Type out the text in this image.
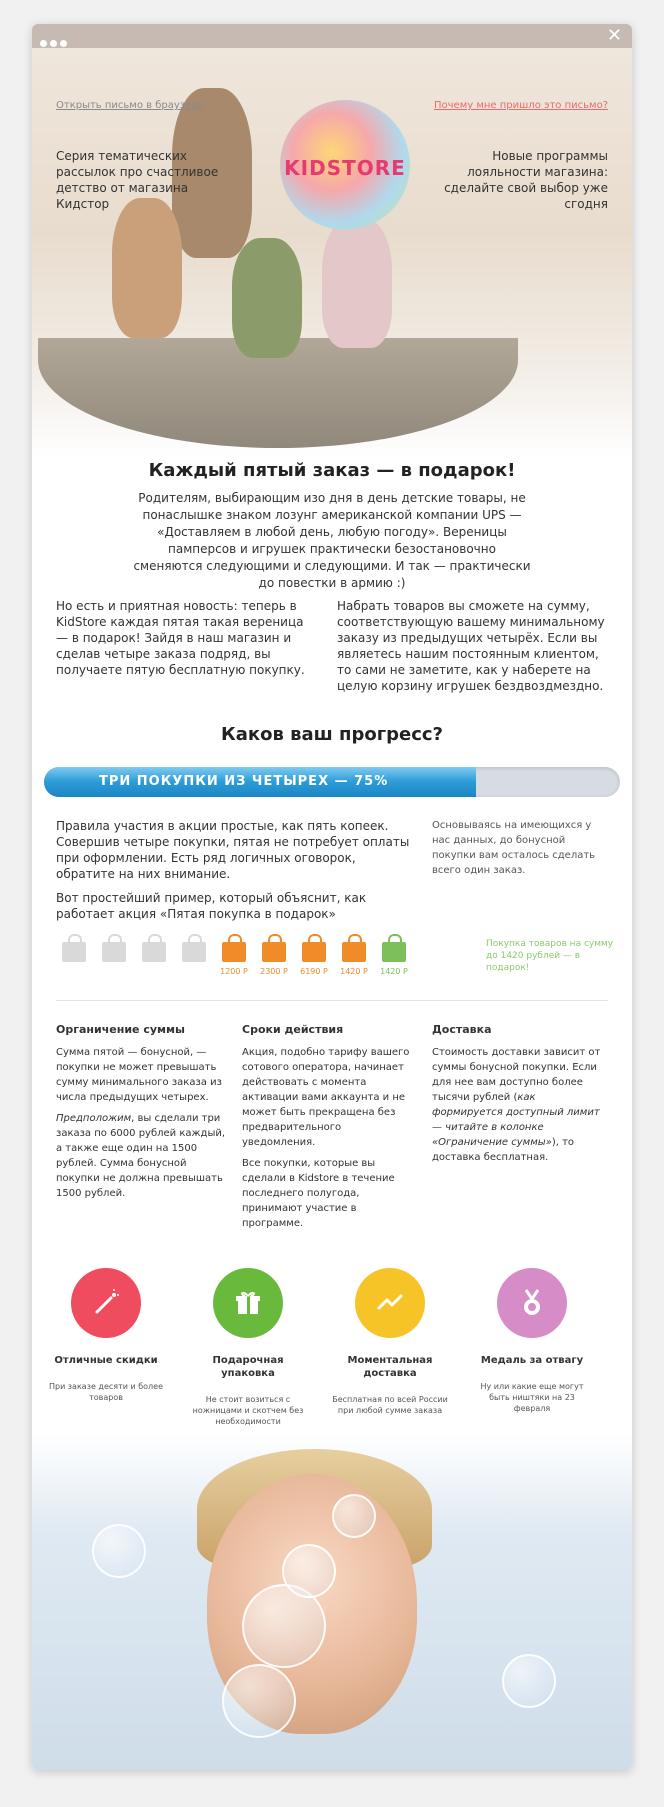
✕
KIDSTORE
Открыть письмо в браузере	Почему мне пришло это письмо?
Серия тематических рассылок про счастливое детство от магазина Кидстор
Новые программы лояльности магазина: сделайте свой выбор уже сгодня
Каждый пятый заказ — в подарок!
Родителям, выбирающим изо дня в день детские товары, не понаслышке знаком лозунг американской компании UPS — «Доставляем в любой день, любую погоду». Вереницы памперсов и игрушек практически безостановочно сменяются следующими и следующими. И так — практически до повестки в армию :)
Но есть и приятная новость: теперь в KidStore каждая пятая такая вереница — в подарок! Зайдя в наш магазин и сделав четыре заказа подряд, вы получаете пятую бесплатную покупку.
Набрать товаров вы сможете на сумму, соответствующую вашему минимальному заказу из предыдущих четырёх. Если вы являетесь нашим постоянным клиентом, то сами не заметите, как у наберете на целую корзину игрушек бездвоздмездно.
Каков ваш прогресс?
ТРИ ПОКУПКИ ИЗ ЧЕТЫРЕХ — 75%

Правила участия в акции простые, как пять копеек. Совершив четыре покупки, пятая не потребует оплаты при оформлении. Есть ряд логичных оговорок, обратите на них внимание.

Вот простейший пример, который объяснит, как работает акция «Пятая покупка в подарок»

Основываясь на имеющихся у нас данных, до бонусной покупки вам осталось сделать всего один заказ.
Покупка товаров на сумму до 1420 рублей — в подарок!
1200 Р	2300 Р	6190 Р	1420 Р	1420 Р
Органичение суммы

Сумма пятой — бонусной, — покупки не может превышать сумму минимального заказа из числа предыдущих четырех.

Предположим, вы сделали три заказа по 6000 рублей каждый, а также еще один на 1500 рублей. Сумма бонусной покупки не должна превышать 1500 рублей.

Сроки действия

Акция, подобно тарифу вашего сотового оператора, начинает действовать с момента активации вами аккаунта и не может быть прекращена без предварительного уведомления.

Все покупки, которые вы сделали в Kidstore в течение последнего полугода, принимают участие в программе.

Доставка

Стоимость доставки зависит от суммы бонусной покупки. Если для нее вам доступно более тысячи рублей (как формируется доступный лимит — читайте в колонке «Ограничение суммы»), то доставка бесплатная.

Отличные скидки
При заказе десяти и более товаров
Подарочная упаковка
Не стоит возиться с ножницами и скотчем без необходимости
Моментальная доставка
Бесплатная по всей России при любой сумме заказа
Медаль за отвагу
Ну или какие еще могут быть ништяки на 23 февраля
